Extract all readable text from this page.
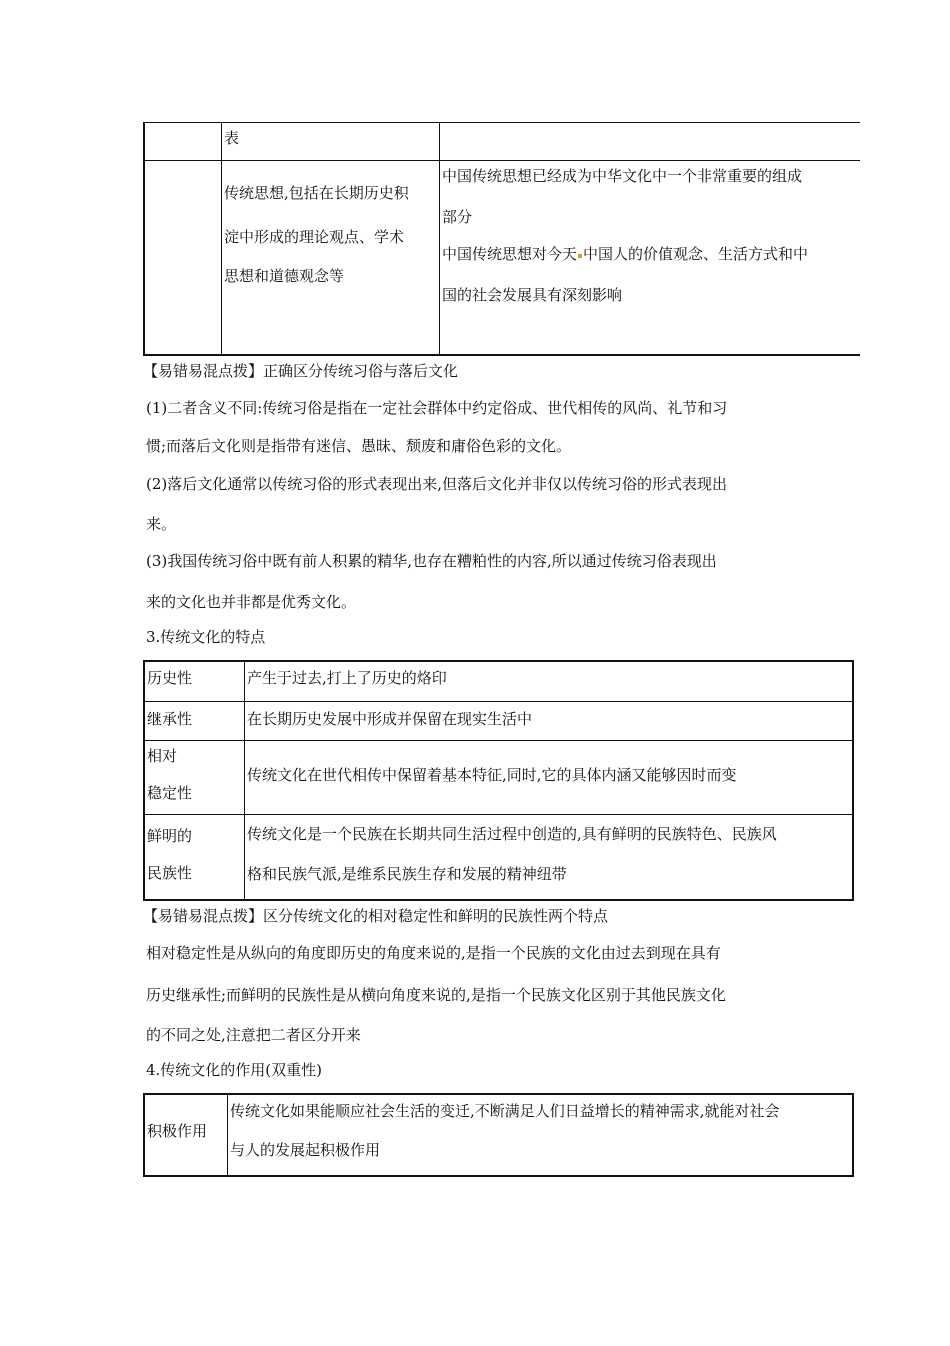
表
传统思想,包括在长期历史积
淀中形成的理论观点、学术
思想和道德观念等
中国传统思想已经成为中华文化中一个非常重要的组成
部分
中国传统思想对今天 中国人的价值观念、生活方式和中
国的社会发展具有深刻影响
【易错易混点拨】正确区分传统习俗与落后文化
(1)二者含义不同:传统习俗是指在一定社会群体中约定俗成、世代相传的风尚、礼节和习
惯;而落后文化则是指带有迷信、愚昧、颓废和庸俗色彩的文化。
(2)落后文化通常以传统习俗的形式表现出来,但落后文化并非仅以传统习俗的形式表现出
来。
(3)我国传统习俗中既有前人积累的精华,也存在糟粕性的内容,所以通过传统习俗表现出
来的文化也并非都是优秀文化。
3.传统文化的特点
历史性	产生于过去,打上了历史的烙印
继承性	在长期历史发展中形成并保留在现实生活中
相对
稳定性
传统文化在世代相传中保留着基本特征,同时,它的具体内涵又能够因时而变
鲜明的
民族性
传统文化是一个民族在长期共同生活过程中创造的,具有鲜明的民族特色、民族风
格和民族气派,是维系民族生存和发展的精神纽带
【易错易混点拨】区分传统文化的相对稳定性和鲜明的民族性两个特点
相对稳定性是从纵向的角度即历史的角度来说的,是指一个民族的文化由过去到现在具有
历史继承性;而鲜明的民族性是从横向角度来说的,是指一个民族文化区别于其他民族文化
的不同之处,注意把二者区分开来
4.传统文化的作用(双重性)
积极作用
传统文化如果能顺应社会生活的变迁,不断满足人们日益增长的精神需求,就能对社会
与人的发展起积极作用
